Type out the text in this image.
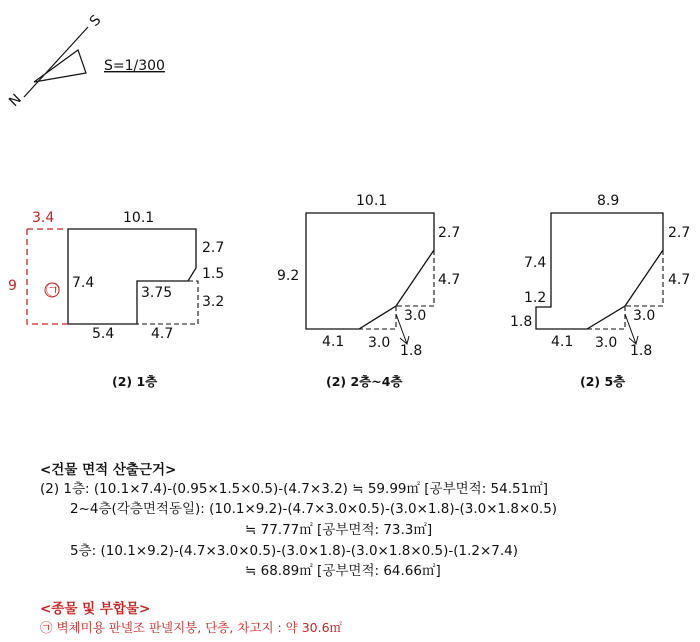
S
N
S=1/300
10.1
7.4
2.7
1.5
3.2
3.75
5.4	4.7
3.4
9 ㉠
(2) 1층
10.1
9.2
2.7
4.7
3.0
4.1 3.0 1.8
(2) 2층~4층
8.9
7.4
1.2
1.8
2.7
4.7
3.0
4.1 3.0 1.8
(2) 5층
<건물 면적 산출근거>
(2) 1층: (10.1×7.4)-(0.95×1.5×0.5)-(4.7×3.2) ≒ 59.99㎡ [공부면적: 54.51㎡]
2~4층(각층면적동일): (10.1×9.2)-(4.7×3.0×0.5)-(3.0×1.8)-(3.0×1.8×0.5)
≒ 77.77㎡ [공부면적: 73.3㎡]
5층: (10.1×9.2)-(4.7×3.0×0.5)-(3.0×1.8)-(3.0×1.8×0.5)-(1.2×7.4)
≒ 68.89㎡ [공부면적: 64.66㎡]
<종물 및 부합물>
㉠ 벽체미용 판넬조 판넬지붕, 단층, 차고지 : 약 30.6㎡
